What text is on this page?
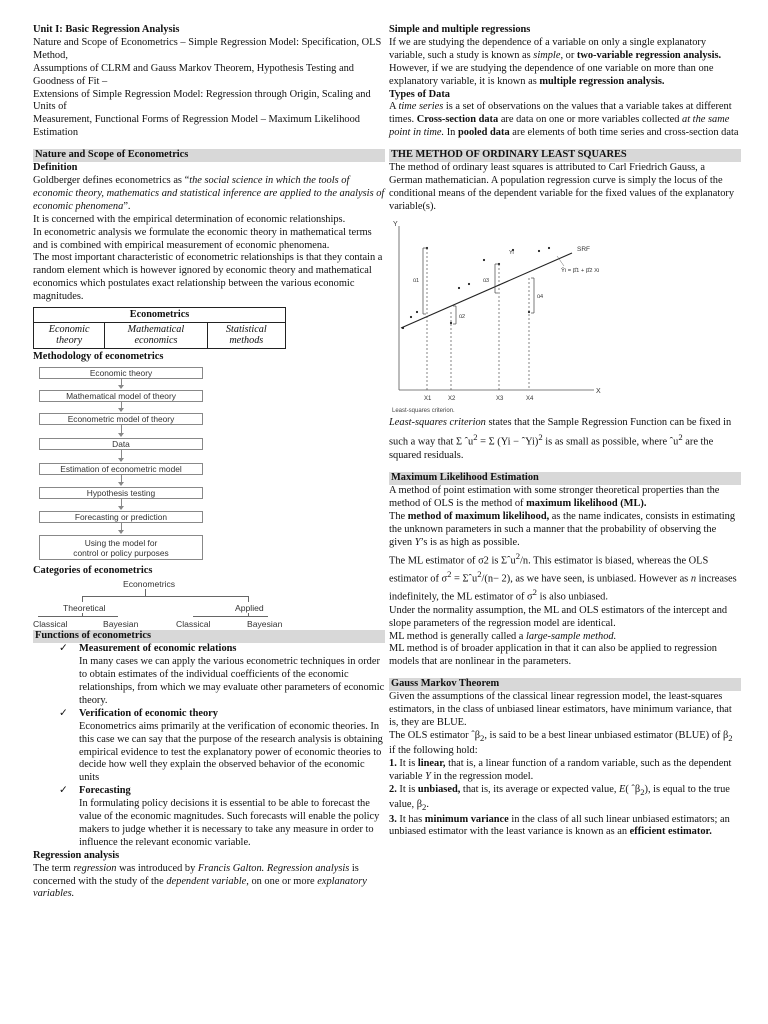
Unit I: Basic Regression Analysis

Nature and Scope of Econometrics – Simple Regression Model: Specification, OLS Method,

Assumptions of CLRM and Gauss Markov Theorem, Hypothesis Testing and Goodness of Fit –

Extensions of Simple Regression Model: Regression through Origin, Scaling and Units of

Measurement, Functional Forms of Regression Model – Maximum Likelihood Estimation

Nature and Scope of Econometrics

Definition

Goldberger defines econometrics as “the social science in which the tools of economic theory, mathematics and statistical inference are applied to the analysis of economic phenomena”.

It is concerned with the empirical determination of economic relationships.

In econometric analysis we formulate the economic theory in mathematical terms and is combined with empirical measurement of economic phenomena.

The most important characteristic of econometric relationships is that they contain a random element which is however ignored by economic theory and mathematical economics which postulates exact relationship between the various economic magnitudes.

Econometrics
Economic theory	Mathematical economics	Statistical methods

Methodology of econometrics

Economic theory
Mathematical model of theory
Econometric model of theory
Data
Estimation of econometric model
Hypothesis testing
Forecasting or prediction
Using the model for
control or policy purposes

Categories of econometrics

Econometrics
Theoretical	Applied
Classical	Bayesian	Classical	Bayesian

Functions of econometrics

✓ Measurement of economic relations

In many cases we can apply the various econometric techniques in order to obtain estimates of the individual coefficients of the economic relationships, from which we may evaluate other parameters of economic theory.

✓ Verification of economic theory

Econometrics aims primarily at the verification of economic theories. In this case we can say that the purpose of the research analysis is obtaining empirical evidence to test the explanatory power of economic theories to decide how well they explain the observed behavior of the economic units

✓ Forecasting

In formulating policy decisions it is essential to be able to forecast the value of the economic magnitudes. Such forecasts will enable the policy makers to judge whether it is necessary to take any measure in order to influence the relevant economic variable.

Regression analysis

The term regression was introduced by Francis Galton. Regression analysis is concerned with the study of the dependent variable, on one or more explanatory variables.

Simple and multiple regressions

If we are studying the dependence of a variable on only a single explanatory variable, such a study is known as simple, or two-variable regression analysis. However, if we are studying the dependence of one variable on more than one explanatory variable, it is known as multiple regression analysis.

Types of Data

A time series is a set of observations on the values that a variable takes at different times. Cross-section data are data on one or more variables collected at the same point in time. In pooled data are elements of both time series and cross-section data

THE METHOD OF ORDINARY LEAST SQUARES

The method of ordinary least squares is attributed to Carl Friedrich Gauss, a German mathematician. A population regression curve is simply the locus of the conditional means of the dependent variable for the fixed values of the explanatory variable(s).

Y
X
SRF
Ŷi = β̂1 + β̂2 Xi
û1
û2
û3
û4
Yi
X1	X2	X3	X4
Least-squares criterion.

Least-squares criterion states that the Sample Regression Function can be fixed in such a way that Σ ˆu$^2$ = Σ (Yi − ˆYi)$^2$ is as small as possible, where ˆu$^2$ are the squared residuals.

Maximum Likelihood Estimation

A method of point estimation with some stronger theoretical properties than the method of OLS is the method of maximum likelihood (ML).

The method of maximum likelihood, as the name indicates, consists in estimating the unknown parameters in such a manner that the probability of observing the given Y’s is as high as possible.

The ML estimator of σ2 is Σˆu$^2$/n. This estimator is biased, whereas the OLS estimator of $\sigma^2$ = Σˆu$^2$/(n− 2), as we have seen, is unbiased. However as n increases indefinitely, the ML estimator of $\sigma^2$ is also unbiased.

Under the normality assumption, the ML and OLS estimators of the intercept and slope parameters of the regression model are identical.

ML method is generally called a large-sample method.

ML method is of broader application in that it can also be applied to regression models that are nonlinear in the parameters.

Gauss Markov Theorem

Given the assumptions of the classical linear regression model, the least-squares estimators, in the class of unbiased linear estimators, have minimum variance, that is, they are BLUE.

The OLS estimator ˆβ$_2$, is said to be a best linear unbiased estimator (BLUE) of $\beta_2$ if the following hold:

1. It is linear, that is, a linear function of a random variable, such as the dependent variable Y in the regression model.

2. It is unbiased, that is, its average or expected value, E( ˆβ$_2$), is equal to the true value, $\beta_2$.

3. It has minimum variance in the class of all such linear unbiased estimators; an unbiased estimator with the least variance is known as an efficient estimator.
